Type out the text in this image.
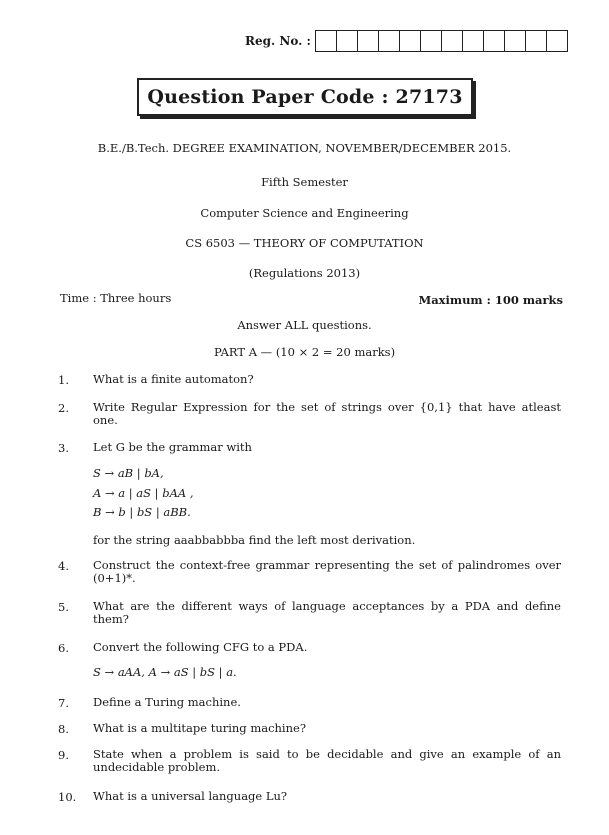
Reg. No. :
Question Paper Code : 27173
B.E./B.Tech. DEGREE EXAMINATION, NOVEMBER/DECEMBER 2015.
Fifth Semester
Computer Science and Engineering
CS 6503 — THEORY OF COMPUTATION
(Regulations 2013)
Time : Three hours	Maximum : 100 marks
Answer ALL questions.
PART A — (10 × 2 = 20 marks)
1. What is a finite automaton?
2. Write Regular Expression for the set of strings over {0,1} that have atleast one.
3. Let G be the grammar with
S → aB | bA,
A → a | aS | bAA ,
B → b | bS | aBB.
for the string aaabbabbba find the left most derivation.
4. Construct the context-free grammar representing the set of palindromes over (0+1)*.
5. What are the different ways of language acceptances by a PDA and define them?
6. Convert the following CFG to a PDA.
S → aAA, A → aS | bS | a.
7. Define a Turing machine.
8. What is a multitape turing machine?
9. State when a problem is said to be decidable and give an example of an undecidable problem.
10. What is a universal language Lu?
